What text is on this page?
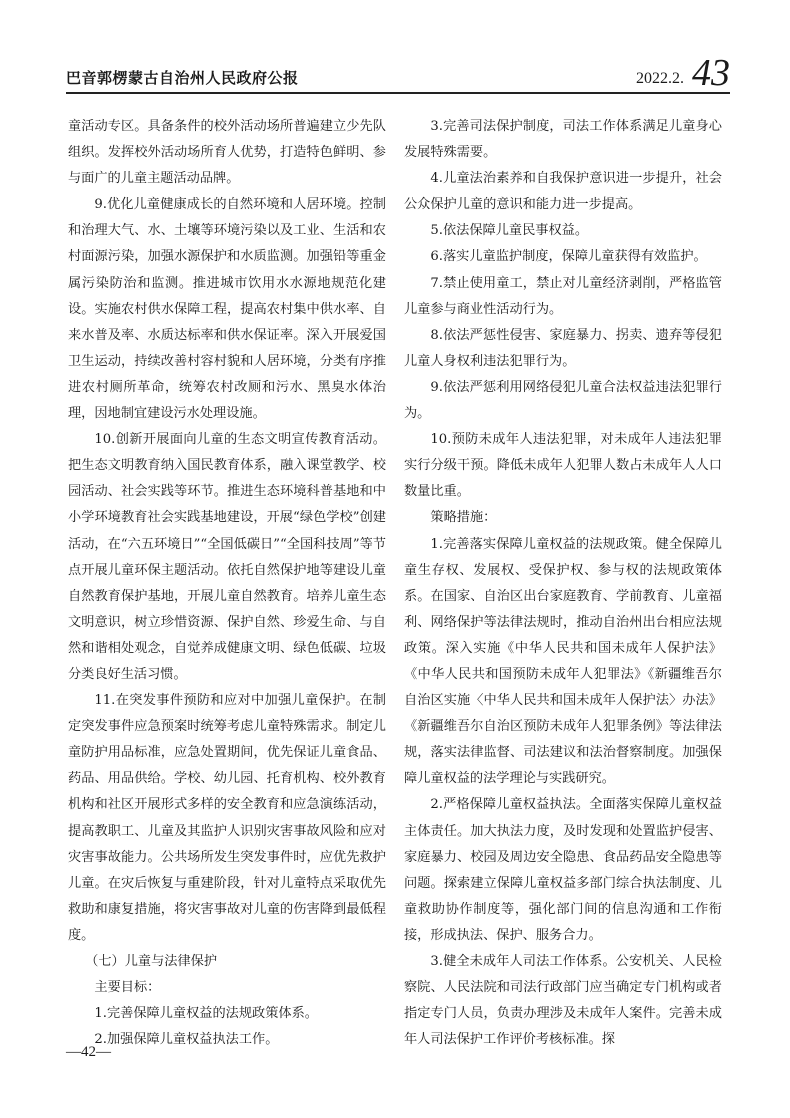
巴音郭楞蒙古自治州人民政府公报	2022.2. 43

童活动专区。具备条件的校外活动场所普遍建立少先队组织。发挥校外活动场所育人优势，打造特色鲜明、参与面广的儿童主题活动品牌。

9.优化儿童健康成长的自然环境和人居环境。控制和治理大气、水、土壤等环境污染以及工业、生活和农村面源污染，加强水源保护和水质监测。加强铅等重金属污染防治和监测。推进城市饮用水水源地规范化建设。实施农村供水保障工程，提高农村集中供水率、自来水普及率、水质达标率和供水保证率。深入开展爱国卫生运动，持续改善村容村貌和人居环境，分类有序推进农村厕所革命，统筹农村改厕和污水、黑臭水体治理，因地制宜建设污水处理设施。

10.创新开展面向儿童的生态文明宣传教育活动。把生态文明教育纳入国民教育体系，融入课堂教学、校园活动、社会实践等环节。推进生态环境科普基地和中小学环境教育社会实践基地建设，开展“绿色学校”创建活动，在“六五环境日”“全国低碳日”“全国科技周”等节点开展儿童环保主题活动。依托自然保护地等建设儿童自然教育保护基地，开展儿童自然教育。培养儿童生态文明意识，树立珍惜资源、保护自然、珍爱生命、与自然和谐相处观念，自觉养成健康文明、绿色低碳、垃圾分类良好生活习惯。

11.在突发事件预防和应对中加强儿童保护。在制定突发事件应急预案时统筹考虑儿童特殊需求。制定儿童防护用品标准，应急处置期间，优先保证儿童食品、药品、用品供给。学校、幼儿园、托育机构、校外教育机构和社区开展形式多样的安全教育和应急演练活动，提高教职工、儿童及其监护人识别灾害事故风险和应对灾害事故能力。公共场所发生突发事件时，应优先救护儿童。在灾后恢复与重建阶段，针对儿童特点采取优先救助和康复措施，将灾害事故对儿童的伤害降到最低程度。

（七）儿童与法律保护

主要目标：

1.完善保障儿童权益的法规政策体系。

2.加强保障儿童权益执法工作。

3.完善司法保护制度，司法工作体系满足儿童身心发展特殊需要。

4.儿童法治素养和自我保护意识进一步提升，社会公众保护儿童的意识和能力进一步提高。

5.依法保障儿童民事权益。

6.落实儿童监护制度，保障儿童获得有效监护。

7.禁止使用童工，禁止对儿童经济剥削，严格监管儿童参与商业性活动行为。

8.依法严惩性侵害、家庭暴力、拐卖、遗弃等侵犯儿童人身权利违法犯罪行为。

9.依法严惩利用网络侵犯儿童合法权益违法犯罪行为。

10.预防未成年人违法犯罪，对未成年人违法犯罪实行分级干预。降低未成年人犯罪人数占未成年人人口数量比重。

策略措施：

1.完善落实保障儿童权益的法规政策。健全保障儿童生存权、发展权、受保护权、参与权的法规政策体系。在国家、自治区出台家庭教育、学前教育、儿童福利、网络保护等法律法规时，推动自治州出台相应法规政策。深入实施《中华人民共和国未成年人保护法》《中华人民共和国预防未成年人犯罪法》《新疆维吾尔自治区实施〈中华人民共和国未成年人保护法〉办法》《新疆维吾尔自治区预防未成年人犯罪条例》等法律法规，落实法律监督、司法建议和法治督察制度。加强保障儿童权益的法学理论与实践研究。

2.严格保障儿童权益执法。全面落实保障儿童权益主体责任。加大执法力度，及时发现和处置监护侵害、家庭暴力、校园及周边安全隐患、食品药品安全隐患等问题。探索建立保障儿童权益多部门综合执法制度、儿童救助协作制度等，强化部门间的信息沟通和工作衔接，形成执法、保护、服务合力。

3.健全未成年人司法工作体系。公安机关、人民检察院、人民法院和司法行政部门应当确定专门机构或者指定专门人员，负责办理涉及未成年人案件。完善未成年人司法保护工作评价考核标准。探

—42—
